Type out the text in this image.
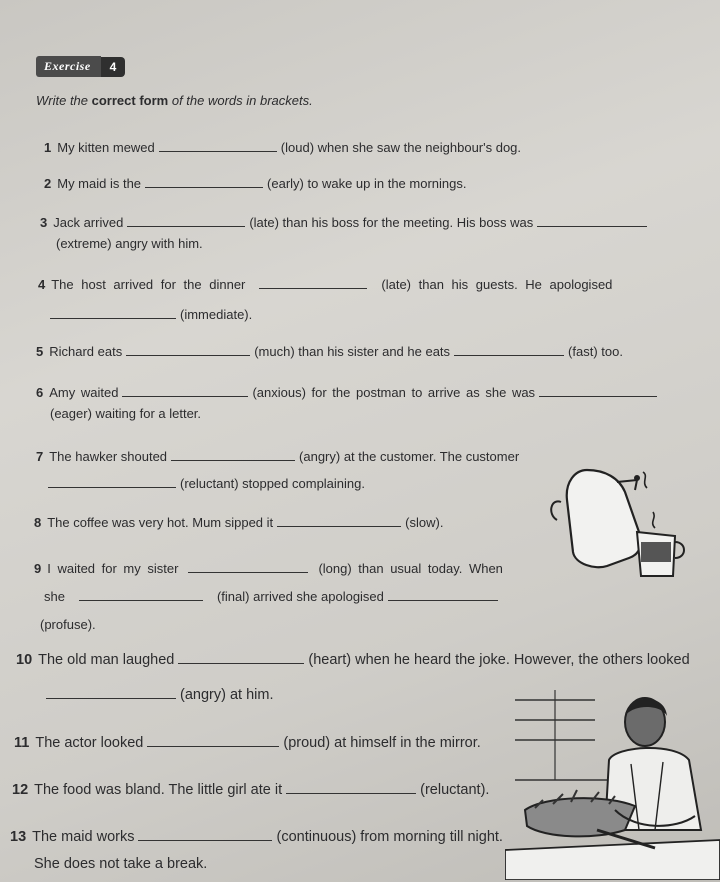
Exercise	4
Write the correct form of the words in brackets.
1 My kitten mewed	(loud) when she saw the neighbour's dog.
2 My maid is the	(early) to wake up in the mornings.
3 Jack arrived	(late) than his boss for the meeting. His boss was
(extreme) angry with him.
4 The host arrived for the dinner	(late) than his guests. He apologised
(immediate).
5 Richard eats	(much) than his sister and he eats	(fast) too.
6 Amy waited	(anxious) for the postman to arrive as she was
(eager) waiting for a letter.
7 The hawker shouted	(angry) at the customer. The customer
(reluctant) stopped complaining.
8 The coffee was very hot. Mum sipped it	(slow).
9 I waited for my sister	(long) than usual today. When
she	(final) arrived she apologised
(profuse).
10 The old man laughed	(heart) when he heard the joke. However, the others looked
(angry) at him.
11 The actor looked	(proud) at himself in the mirror.
12 The food was bland. The little girl ate it	(reluctant).
13 The maid works	(continuous) from morning till night.
She does not take a break.
